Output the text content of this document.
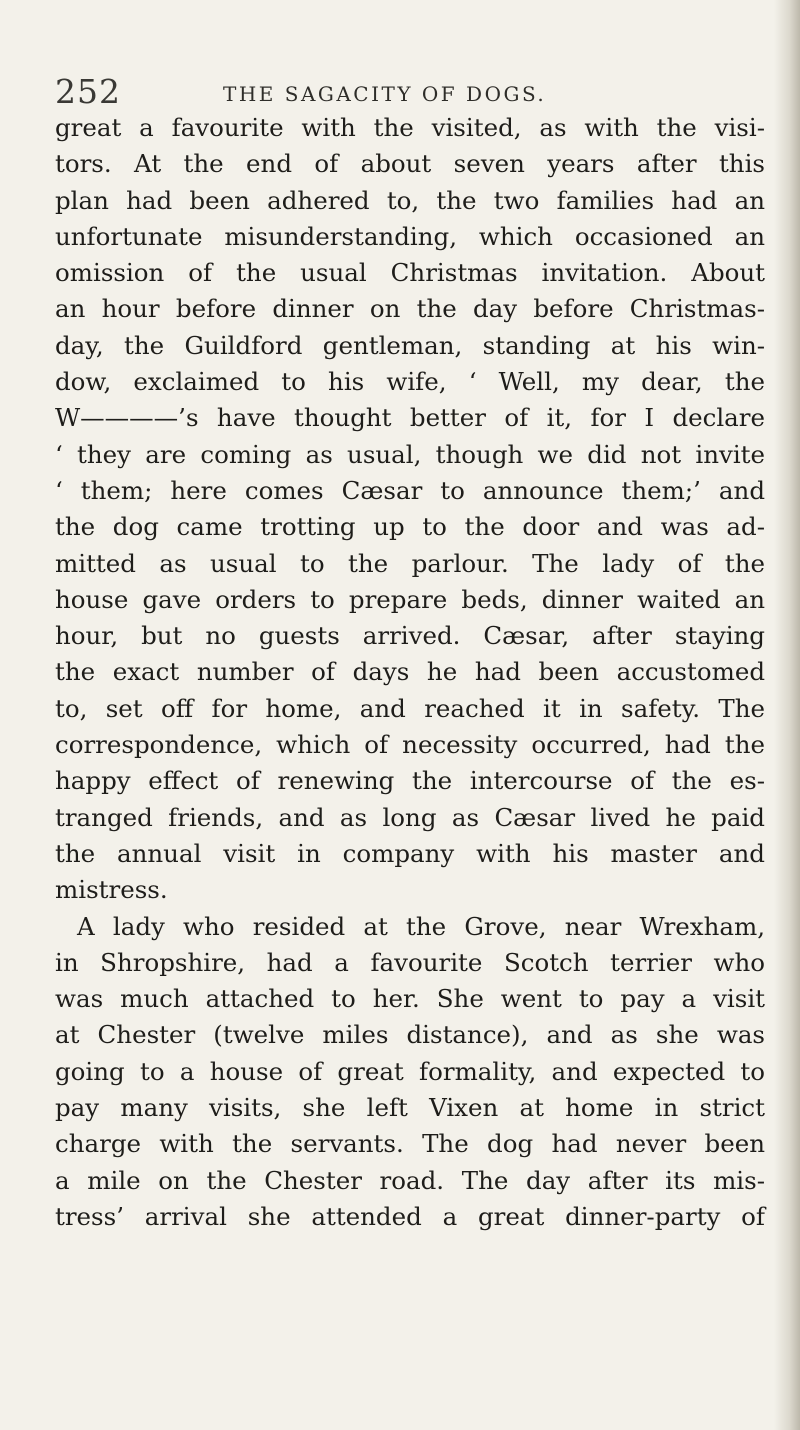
252	THE SAGACITY OF DOGS.
great a favourite with the visited, as with the visi-
tors. At the end of about seven years after this
plan had been adhered to, the two families had an
unfortunate misunderstanding, which occasioned an
omission of the usual Christmas invitation. About
an hour before dinner on the day before Christmas-
day, the Guildford gentleman, standing at his win-
dow, exclaimed to his wife, ‘ Well, my dear, the
W————’s have thought better of it, for I declare
‘ they are coming as usual, though we did not invite
‘ them; here comes Cæsar to announce them;’ and
the dog came trotting up to the door and was ad-
mitted as usual to the parlour. The lady of the
house gave orders to prepare beds, dinner waited an
hour, but no guests arrived. Cæsar, after staying
the exact number of days he had been accustomed
to, set off for home, and reached it in safety. The
correspondence, which of necessity occurred, had the
happy effect of renewing the intercourse of the es-
tranged friends, and as long as Cæsar lived he paid
the annual visit in company with his master and
mistress.
A lady who resided at the Grove, near Wrexham,
in Shropshire, had a favourite Scotch terrier who
was much attached to her. She went to pay a visit
at Chester (twelve miles distance), and as she was
going to a house of great formality, and expected to
pay many visits, she left Vixen at home in strict
charge with the servants. The dog had never been
a mile on the Chester road. The day after its mis-
tress’ arrival she attended a great dinner-party of
